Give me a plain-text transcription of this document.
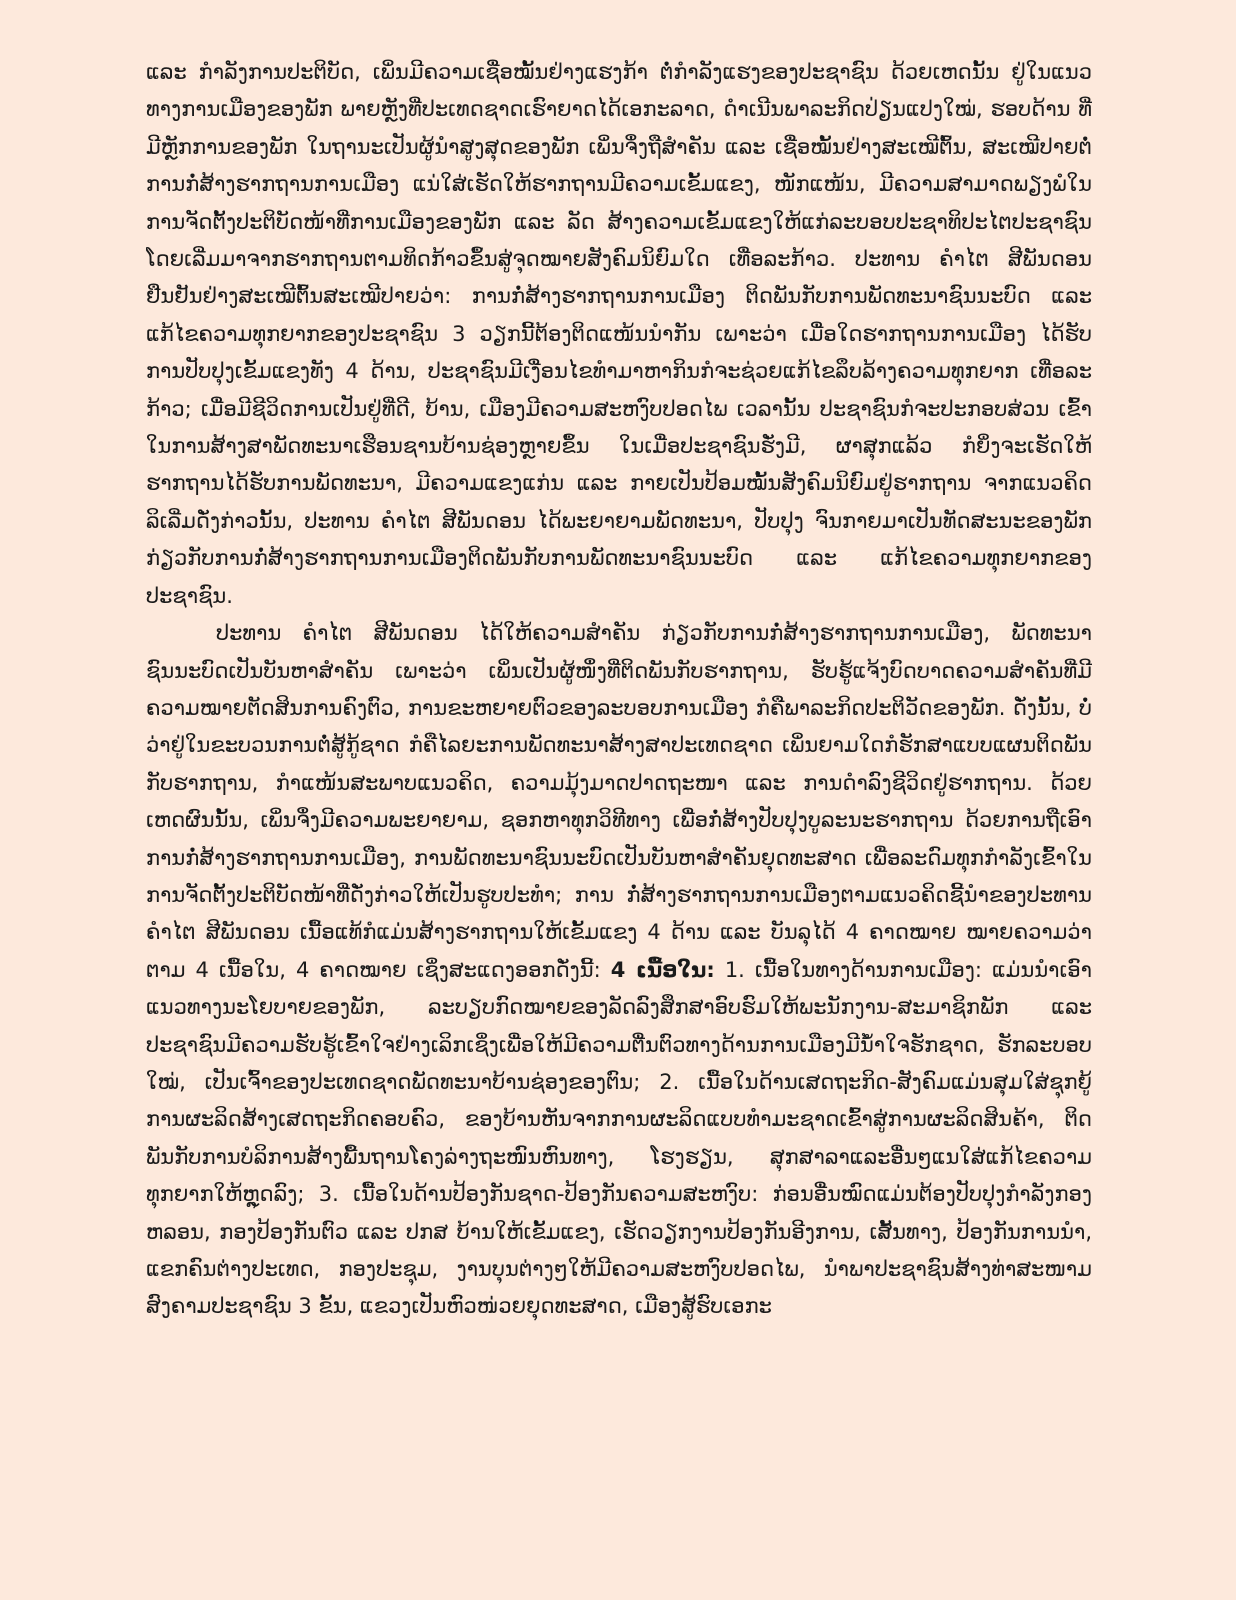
ແລະ ກຳລັງການປະຕິບັດ, ເພິ່ນມີຄວາມເຊື່ອໝັ້ນຢ່າງແຮງກ້າ ຕໍ່ກຳລັງແຮງຂອງປະຊາຊົນ ດ້ວຍເຫດນັ້ນ ຢູ່ໃນແນວທາງການເມືອງຂອງພັກ ພາຍຫຼັງທີ່ປະເທດຊາດເຮົາຍາດໄດ້ເອກະລາດ, ດຳເນີນພາລະກິດປ່ຽນແປງໃໝ່, ຮອບດ້ານ ທີ່ມີຫຼັກການຂອງພັກ ໃນຖານະເປັນຜູ້ນຳສູງສຸດຂອງພັກ ເພິ່ນຈຶ່ງຖືສຳຄັນ ແລະ ເຊື່ອໝັ້ນຢ່າງສະເໝີຕົ້ນ, ສະເໝີປາຍຕໍ່ການກໍ່ສ້າງຮາກຖານການເມືອງ ແນ່ໃສ່ເຮັດໃຫ້ຮາກຖານມີຄວາມເຂັ້ມແຂງ, ໜັກແໜ້ນ, ມີຄວາມສາມາດພຽງພໍໃນການຈັດຕັ້ງປະຕິບັດໜ້າທີ່ການເມືອງຂອງພັກ ແລະ ລັດ ສ້າງຄວາມເຂັ້ມແຂງໃຫ້ແກ່ລະບອບປະຊາທິປະໄຕປະຊາຊົນ ໂດຍເລີ່ມມາຈາກຮາກຖານຕາມທິດກ້າວຂຶ້ນສູ່ຈຸດໝາຍສັງຄົມນິຍົມໃດ ເທື່ອລະກ້າວ. ປະທານ ຄຳໄຕ ສີພັນດອນ ຢືນຢັນຢ່າງສະເໝີຕົ້ນສະເໝີປາຍວ່າ: ການກໍ່ສ້າງຮາກຖານການເມືອງ ຕິດພັນກັບການພັດທະນາຊົນນະບົດ ແລະ ແກ້ໄຂຄວາມທຸກຍາກຂອງປະຊາຊົນ 3 ວຽກນີ້ຕ້ອງຕິດແໜ້ນນຳກັນ ເພາະວ່າ ເມື່ອໃດຮາກຖານການເມືອງ ໄດ້ຮັບການປັບປຸງເຂັ້ມແຂງທັງ 4 ດ້ານ, ປະຊາຊົນມີເງື່ອນໄຂທຳມາຫາກິນກໍຈະຊ່ວຍແກ້ໄຂລຶບລ້າງຄວາມທຸກຍາກ ເທື່ອລະກ້າວ; ເມື່ອມີຊີວິດການເປັນຢູ່ທີ່ດີ, ບ້ານ, ເມືອງມີຄວາມສະຫງົບປອດໄພ ເວລານັ້ນ ປະຊາຊົນກໍຈະປະກອບສ່ວນ ເຂົ້າໃນການສ້າງສາພັດທະນາເຮືອນຊານບ້ານຊ່ອງຫຼາຍຂຶ້ນ ໃນເມື່ອປະຊາຊົນຮັ່ງມີ, ຜາສຸກແລ້ວ ກໍຍິ່ງຈະເຮັດໃຫ້ຮາກຖານໄດ້ຮັບການພັດທະນາ, ມີຄວາມແຂງແກ່ນ ແລະ ກາຍເປັນປ້ອມໝັ້ນສັງຄົມນິຍົມຢູ່ຮາກຖານ ຈາກແນວຄິດລິເລີ່ມດັ່ງກ່າວນັ້ນ, ປະທານ ຄຳໄຕ ສີພັນດອນ ໄດ້ພະຍາຍາມພັດທະນາ, ປັບປຸງ ຈົນກາຍມາເປັນທັດສະນະຂອງພັກກ່ຽວກັບການກໍ່ສ້າງຮາກຖານການເມືອງຕິດພັນກັບການພັດທະນາຊົນນະບົດ ແລະ ແກ້ໄຂຄວາມທຸກຍາກຂອງປະຊາຊົນ.

ປະທານ ຄຳໄຕ ສີພັນດອນ ໄດ້ໃຫ້ຄວາມສຳຄັນ ກ່ຽວກັບການກໍ່ສ້າງຮາກຖານການເມືອງ, ພັດທະນາຊົນນະບົດເປັນບັນຫາສຳຄັນ ເພາະວ່າ ເພິ່ນເປັນຜູ້ໜຶ່ງທີ່ຕິດພັນກັບຮາກຖານ, ຮັບຮູ້ແຈ້ງບົດບາດຄວາມສຳຄັນທີ່ມີຄວາມໝາຍຕັດສິນການຄົງຕົວ, ການຂະຫຍາຍຕົວຂອງລະບອບການເມືອງ ກໍຄືພາລະກິດປະຕິວັດຂອງພັກ. ດັ່ງນັ້ນ, ບໍ່ວ່າຢູ່ໃນຂະບວນການຕໍ່ສູ້ກູ້ຊາດ ກໍຄືໄລຍະການພັດທະນາສ້າງສາປະເທດຊາດ ເພິ່ນຍາມໃດກໍຮັກສາແບບແຜນຕິດພັນກັບຮາກຖານ, ກຳແໜ້ນສະພາບແນວຄິດ, ຄວາມມຸ້ງມາດປາດຖະໜາ ແລະ ການດຳລົງຊີວິດຢູ່ຮາກຖານ. ດ້ວຍເຫດຜົນນັ້ນ, ເພິ່ນຈຶ່ງມີຄວາມພະຍາຍາມ, ຊອກຫາທຸກວິທີທາງ ເພື່ອກໍ່ສ້າງປັບປຸງບູລະນະຮາກຖານ ດ້ວຍການຖືເອົາການກໍ່ສ້າງຮາກຖານການເມືອງ, ການພັດທະນາຊົນນະບົດເປັນບັນຫາສຳຄັນຍຸດທະສາດ ເພື່ອລະດົມທຸກກຳລັງເຂົ້າໃນການຈັດຕັ້ງປະຕິບັດໜ້າທີ່ດັ່ງກ່າວໃຫ້ເປັນຮູບປະທຳ; ການ ກໍ່ສ້າງຮາກຖານການເມືອງຕາມແນວຄິດຊີ້ນຳຂອງປະທານ ຄຳໄຕ ສີພັນດອນ ເນື້ອແທ້ກໍແມ່ນສ້າງຮາກຖານໃຫ້ເຂັ້ມແຂງ 4 ດ້ານ ແລະ ບັນລຸໄດ້ 4 ຄາດໝາຍ ໝາຍຄວາມວ່າ ຕາມ 4 ເນື້ອໃນ, 4 ຄາດໝາຍ ເຊິ່ງສະແດງອອກດັ່ງນີ້: 4 ເນື້ອໃນ: 1. ເນື້ອໃນທາງດ້ານການເມືອງ: ແມ່ນນຳເອົາແນວທາງນະໂຍບາຍຂອງພັກ, ລະບຽບກົດໝາຍຂອງລັດລົງສຶກສາອົບຮົມໃຫ້ພະນັກງານ-ສະມາຊິກພັກ ແລະ ປະຊາຊົນມີຄວາມຮັບຮູ້ເຂົ້າໃຈຢ່າງເລິກເຊິ່ງເພື່ອໃຫ້ມີຄວາມຕື່ນຕົວທາງດ້ານການເມືອງມີນ້ຳໃຈຮັກຊາດ, ຮັກລະບອບໃໝ່, ເປັນເຈົ້າຂອງປະເທດຊາດພັດທະນາບ້ານຊ່ອງຂອງຕົນ; 2. ເນື້ອໃນດ້ານເສດຖະກິດ-ສັງຄົມແມ່ນສຸມໃສ່ຊຸກຍູ້ການຜະລິດສ້າງເສດຖະກິດຄອບຄົວ, ຂອງບ້ານຫັນຈາກການຜະລິດແບບທຳມະຊາດເຂົ້າສູ່ການຜະລິດສິນຄ້າ, ຕິດພັນກັບການບໍລິການສ້າງພື້ນຖານໂຄງລ່າງຖະໜົນຫົນທາງ, ໂຮງຮຽນ, ສຸກສາລາແລະອື່ນໆແນໃສ່ແກ້ໄຂຄວາມທຸກຍາກໃຫ້ຫຼຸດລົງ; 3. ເນື້ອໃນດ້ານປ້ອງກັນຊາດ-ປ້ອງກັນຄວາມສະຫງົບ: ກ່ອນອື່ນໝົດແມ່ນຕ້ອງປັບປຸງກຳລັງກອງຫລອນ, ກອງປ້ອງກັນຕົວ ແລະ ປກສ ບ້ານໃຫ້ເຂັ້ມແຂງ, ເຮັດວຽກງານປ້ອງກັນອີງການ, ເສັ້ນທາງ, ປ້ອງກັນການນຳ, ແຂກຄົນຕ່າງປະເທດ, ກອງປະຊຸມ, ງານບຸນຕ່າງໆໃຫ້ມີຄວາມສະຫງົບປອດໄພ, ນຳພາປະຊາຊົນສ້າງທ່າສະໜາມສົງຄາມປະຊາຊົນ 3 ຂັ້ນ, ແຂວງເປັນຫົວໜ່ວຍຍຸດທະສາດ, ເມືອງສູ້ຮົບເອກະ
